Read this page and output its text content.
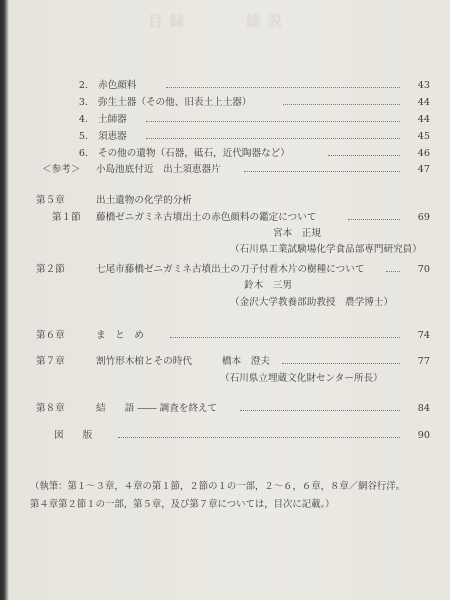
目録	総説
2. 赤色顔料	43
3. 弥生土器（その他、旧表土上土器）	44
4. 土師器	44
5. 須恵器	45
6. その他の遺物（石器，砥石，近代陶器など）	46
＜参考＞ 小島池底付近　出土須恵器片	47
第５章	出土遺物の化学的分析
第１節 藤橋ゼニガミネ古墳出土の赤色顔料の鑑定について	69
宮本　正規
（石川県工業試験場化学食品部専門研究員）
第２節	七尾市藤橋ゼニガミネ古墳出土の刀子付着木片の樹種について	70
鈴木　三男
（金沢大学教養部助教授　農学博士）
第６章	ま　と　め	74
第７章	割竹形木棺とその時代	橋本　澄夫	77
（石川県立埋蔵文化財センター所長）
第８章	結　　語 ―― 調査を終えて	84
図　　版	90

（執筆：第１〜３章，４章の第１節，２節の１の一部，２〜６，６章，８章／網谷行洋。

第４章第２節１の一部，第５章，及び第７章については，目次に記載。）
